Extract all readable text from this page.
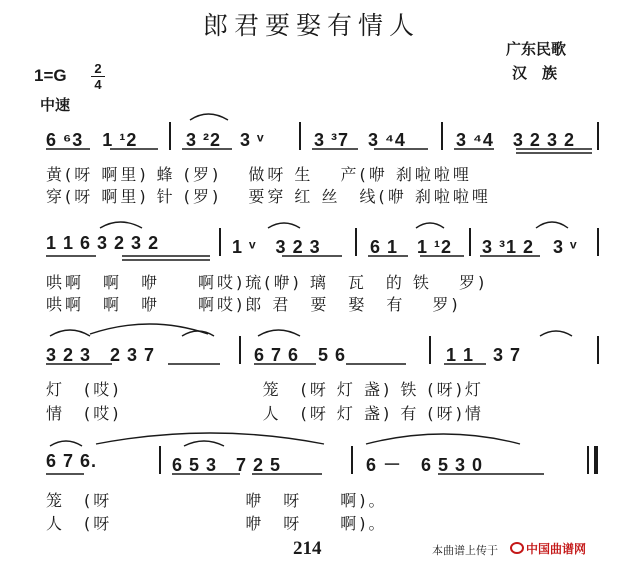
郎君要娶有情人
广东民歌
汉　族
1=G 2
4
中速
6 ⁶3　1 ¹2	3 ²2　3 ᵛ	3 ³7　3 ⁴4	3 ⁴4　3 2 3 2
黄(呀 啊里) 蜂 (罗)　 做呀 生　 产(咿 刹啦啦哩
穿(呀 啊里) 针 (罗)　 要穿 红 丝　线(咿 刹啦啦哩
1 1 6 3 2 3 2	1 ᵛ　3 2 3	6 1　1 ¹2 3 ³1 2　3 ᵛ
哄啊　啊　咿　　啊哎)琉(咿) 璃　瓦　的 铁　 罗)
哄啊　啊　咿　　啊哎)郎 君　要　娶　有　 罗)
3 2 3　2 3 7	6 7 6　5 6	1 1　3 7
灯　(哎)　　　　　　　 笼　(呀 灯 盏) 铁 (呀)灯
情　(哎)　　　　　　　 人　(呀 灯 盏) 有 (呀)情
6 7 6.	6 5 3　7 2 5	6 －　6 5 3 0
笼　(呀　　　　　　　咿　呀　　啊)。
人　(呀　　　　　　　咿　呀　　啊)。
214	本曲谱上传于 中国曲谱网
